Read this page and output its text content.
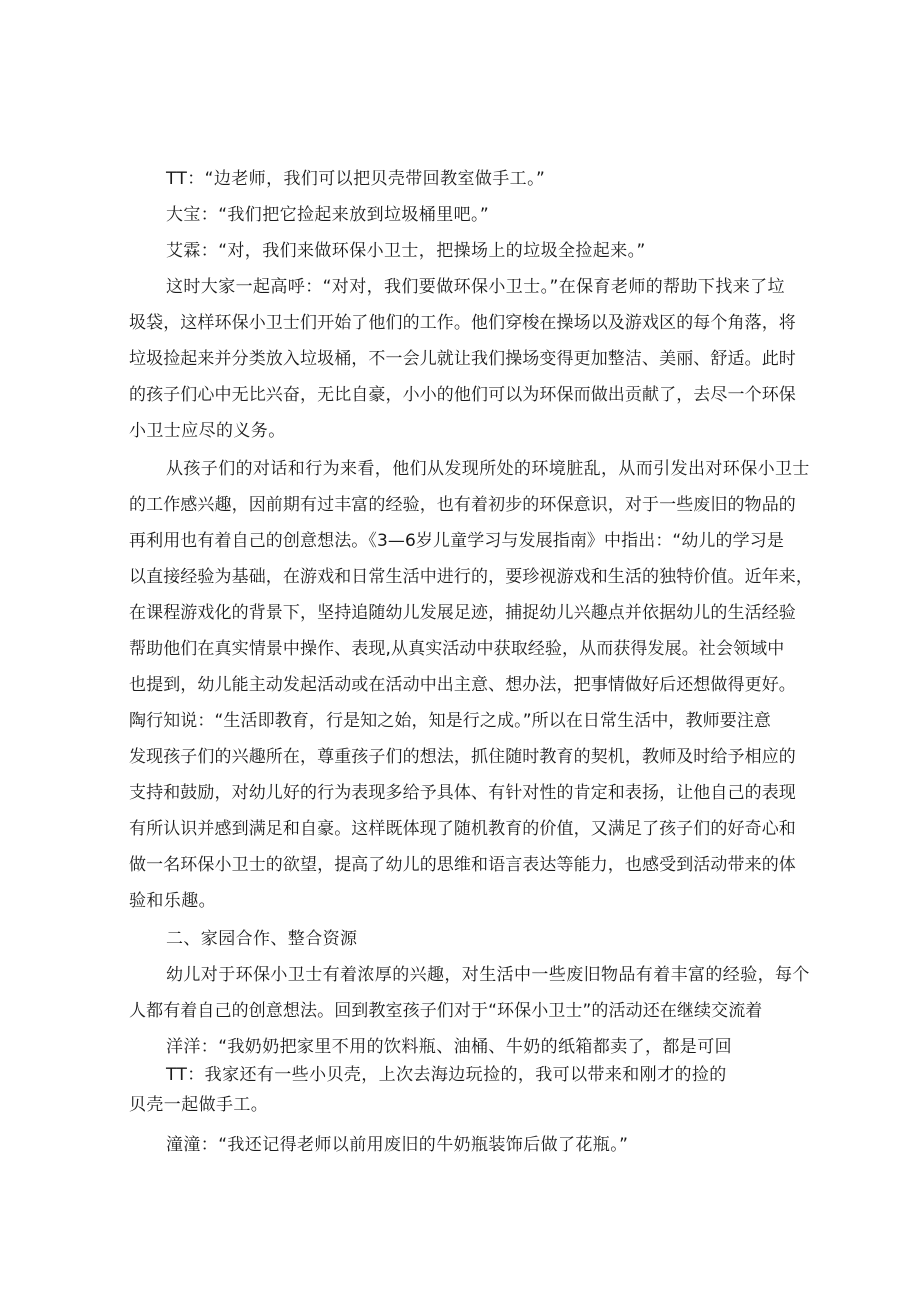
TT：“边老师，我们可以把贝壳带回教室做手工。”
大宝：“我们把它捡起来放到垃圾桶里吧。”
艾霖：“对，我们来做环保小卫士，把操场上的垃圾全捡起来。”
这时大家一起高呼：“对对，我们要做环保小卫士。”在保育老师的帮助下找来了垃
圾袋，这样环保小卫士们开始了他们的工作。他们穿梭在操场以及游戏区的每个角落，将
垃圾捡起来并分类放入垃圾桶，不一会儿就让我们操场变得更加整洁、美丽、舒适。此时
的孩子们心中无比兴奋，无比自豪，小小的他们可以为环保而做出贡献了，去尽一个环保
小卫士应尽的义务。
从孩子们的对话和行为来看，他们从发现所处的环境脏乱，从而引发出对环保小卫士
的工作感兴趣，因前期有过丰富的经验，也有着初步的环保意识，对于一些废旧的物品的
再利用也有着自己的创意想法。《3—6岁儿童学习与发展指南》中指出：“幼儿的学习是
以直接经验为基础，在游戏和日常生活中进行的，要珍视游戏和生活的独特价值。近年来，
在课程游戏化的背景下，坚持追随幼儿发展足迹，捕捉幼儿兴趣点并依据幼儿的生活经验
帮助他们在真实情景中操作、表现,从真实活动中获取经验，从而获得发展。社会领域中
也提到，幼儿能主动发起活动或在活动中出主意、想办法，把事情做好后还想做得更好。
陶行知说：“生活即教育，行是知之始，知是行之成。”所以在日常生活中，教师要注意
发现孩子们的兴趣所在，尊重孩子们的想法，抓住随时教育的契机，教师及时给予相应的
支持和鼓励，对幼儿好的行为表现多给予具体、有针对性的肯定和表扬，让他自己的表现
有所认识并感到满足和自豪。这样既体现了随机教育的价值，又满足了孩子们的好奇心和
做一名环保小卫士的欲望，提高了幼儿的思维和语言表达等能力，也感受到活动带来的体
验和乐趣。
二、家园合作、整合资源
幼儿对于环保小卫士有着浓厚的兴趣，对生活中一些废旧物品有着丰富的经验，每个
人都有着自己的创意想法。回到教室孩子们对于“环保小卫士”的活动还在继续交流着
洋洋：“我奶奶把家里不用的饮料瓶、油桶、牛奶的纸箱都卖了，都是可回
TT：我家还有一些小贝壳，上次去海边玩捡的，我可以带来和刚才的捡的
贝壳一起做手工。
潼潼：“我还记得老师以前用废旧的牛奶瓶装饰后做了花瓶。”
